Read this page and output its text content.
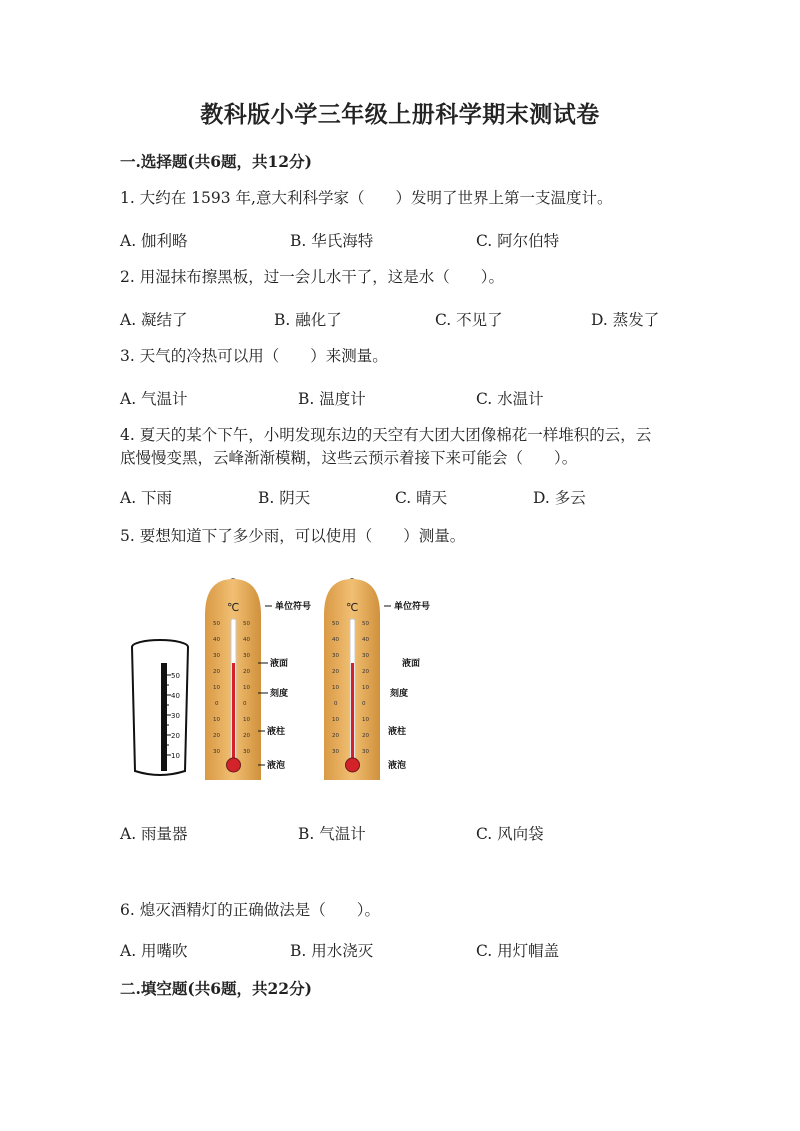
教科版小学三年级上册科学期末测试卷
一.选择题(共6题，共12分)
1. 大约在 1593 年,意大利科学家（　　）发明了世界上第一支温度计。
A. 伽利略	B. 华氏海特	C. 阿尔伯特
2. 用湿抹布擦黑板，过一会儿水干了，这是水（　　）。
A. 凝结了	B. 融化了	C. 不见了	D. 蒸发了
3. 天气的冷热可以用（　　）来测量。
A. 气温计	B. 温度计	C. 水温计
4. 夏天的某个下午，小明发现东边的天空有大团大团像棉花一样堆积的云，云
底慢慢变黑，云峰渐渐模糊，这些云预示着接下来可能会（　　）。
A. 下雨	B. 阴天	C. 晴天	D. 多云
5. 要想知道下了多少雨，可以使用（　　）测量。
50
40
30
20
10
℃
50	50
40	40
30	30
20	20
10	10
0	0
10	10
20	20
30	30
单位符号
液面
刻度
液柱
液泡
℃
50	50
40	40
30	30
20	20
10	10
0	0
10	10
20	20
30	30
单位符号
液面
刻度
液柱
液泡
A. 雨量器	B. 气温计	C. 风向袋
6. 熄灭酒精灯的正确做法是（　　）。
A. 用嘴吹	B. 用水浇灭	C. 用灯帽盖
二.填空题(共6题，共22分)
